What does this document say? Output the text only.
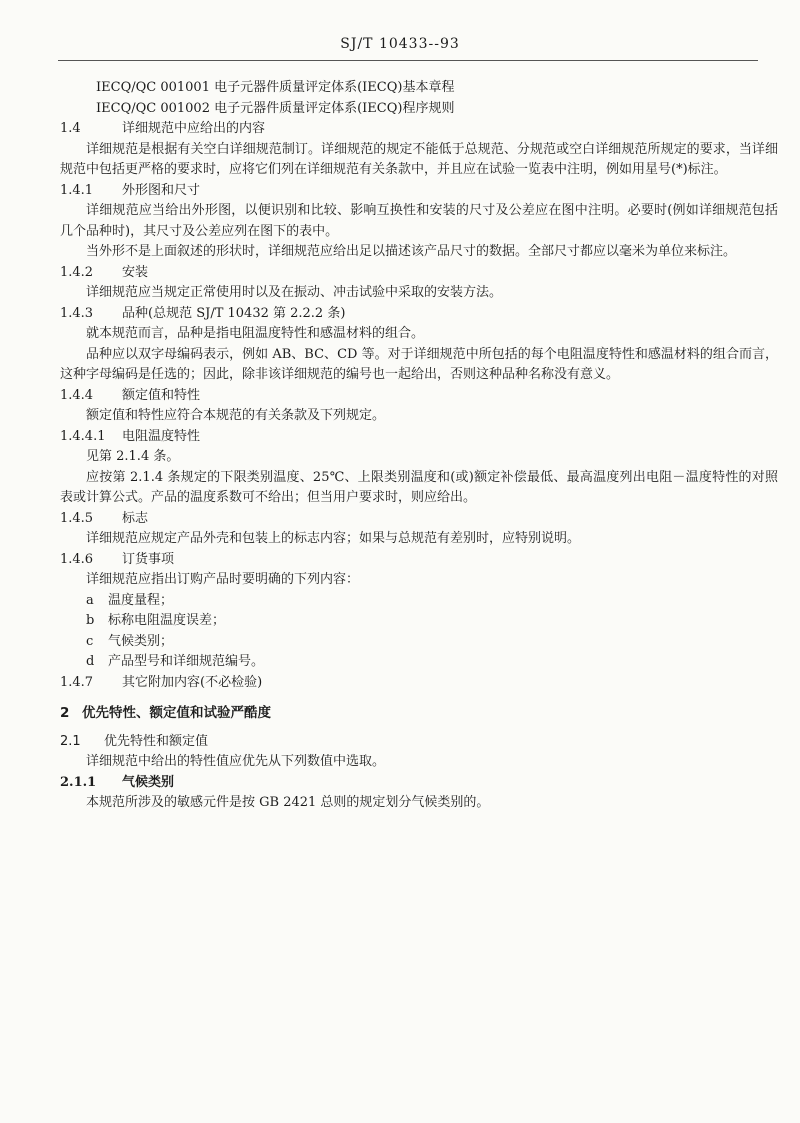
SJ/T 10433--93
IECQ/QC 001001 电子元器件质量评定体系(IECQ)基本章程
IECQ/QC 001002 电子元器件质量评定体系(IECQ)程序规则
1.4	详细规范中应给出的内容
详细规范是根据有关空白详细规范制订。详细规范的规定不能低于总规范、分规范或空白详细规范所规定的要求，当详细规范中包括更严格的要求时，应将它们列在详细规范有关条款中，并且应在试验一览表中注明，例如用星号(*)标注。
1.4.1 外形图和尺寸
详细规范应当给出外形图，以便识别和比较、影响互换性和安装的尺寸及公差应在图中注明。必要时(例如详细规范包括几个品种时)，其尺寸及公差应列在图下的表中。
当外形不是上面叙述的形状时，详细规范应给出足以描述该产品尺寸的数据。全部尺寸都应以毫米为单位来标注。
1.4.2 安装
详细规范应当规定正常使用时以及在振动、冲击试验中采取的安装方法。
1.4.3 品种(总规范 SJ/T 10432 第 2.2.2 条)
就本规范而言，品种是指电阻温度特性和感温材料的组合。
品种应以双字母编码表示，例如 AB、BC、CD 等。对于详细规范中所包括的每个电阻温度特性和感温材料的组合而言，这种字母编码是任选的；因此，除非该详细规范的编号也一起给出，否则这种品种名称没有意义。
1.4.4 额定值和特性
额定值和特性应符合本规范的有关条款及下列规定。
1.4.4.1 电阻温度特性
见第 2.1.4 条。
应按第 2.1.4 条规定的下限类别温度、25℃、上限类别温度和(或)额定补偿最低、最高温度列出电阻－温度特性的对照表或计算公式。产品的温度系数可不给出；但当用户要求时，则应给出。
1.4.5 标志
详细规范应规定产品外壳和包装上的标志内容；如果与总规范有差别时，应特别说明。
1.4.6 订货事项
详细规范应指出订购产品时要明确的下列内容：
a 温度量程；
b 标称电阻温度误差；
c 气候类别；
d 产品型号和详细规范编号。
1.4.7 其它附加内容(不必检验)
2 优先特性、额定值和试验严酷度
2.1 优先特性和额定值
详细规范中给出的特性值应优先从下列数值中选取。
2.1.1 气候类别
本规范所涉及的敏感元件是按 GB 2421 总则的规定划分气候类别的。
